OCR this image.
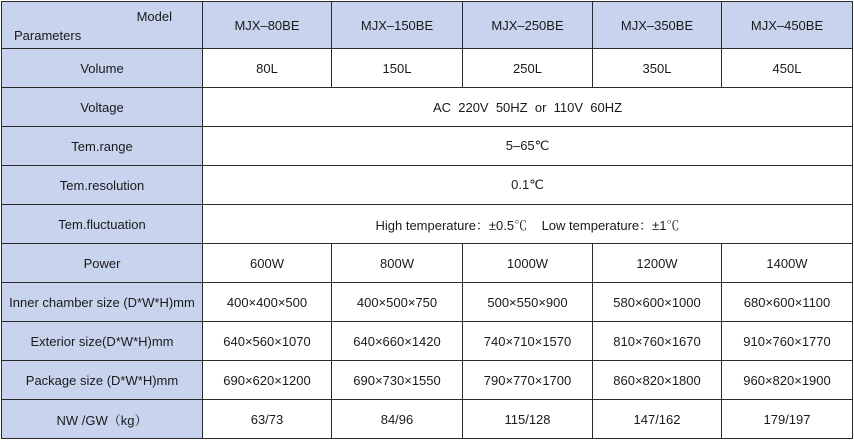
Model
Parameters	MJX‒80BE	MJX‒150BE	MJX‒250BE	MJX‒350BE	MJX‒450BE
Volume	80L	150L	250L	350L	450L
Voltage	AC  220V  50HZ  or  110V  60HZ				
Tem.range	5‒65℃				
Tem.resolution	0.1℃				
Tem.fluctuation	High temperature：±0.5℃    Low temperature：±1℃				
Power	600W	800W	1000W	1200W	1400W
Inner chamber size (D*W*H)mm	400×400×500	400×500×750	500×550×900	580×600×1000	680×600×1100
Exterior size(D*W*H)mm	640×560×1070	640×660×1420	740×710×1570	810×760×1670	910×760×1770
Package size (D*W*H)mm	690×620×1200	690×730×1550	790×770×1700	860×820×1800	960×820×1900
NW /GW（kg）	63/73	84/96	115/128	147/162	179/197
